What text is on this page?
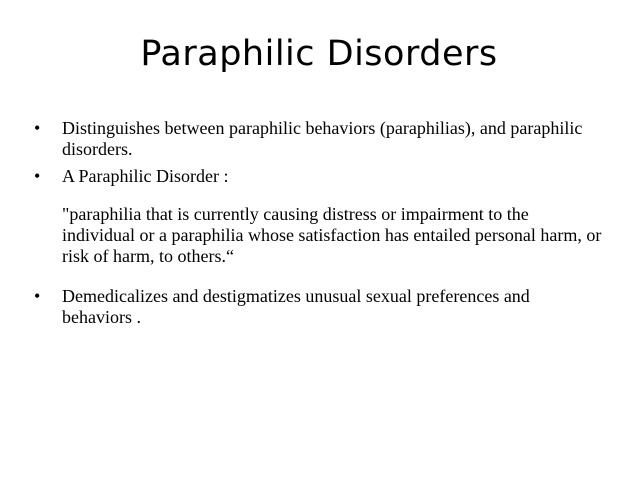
Paraphilic Disorders
•	Distinguishes between paraphilic behaviors (paraphilias), and paraphilic disorders.
•	A Paraphilic Disorder :
"paraphilia that is currently causing distress or impairment to the individual or a paraphilia whose satisfaction has entailed personal harm, or risk of harm, to others.“
•	Demedicalizes and destigmatizes unusual sexual preferences and behaviors .
